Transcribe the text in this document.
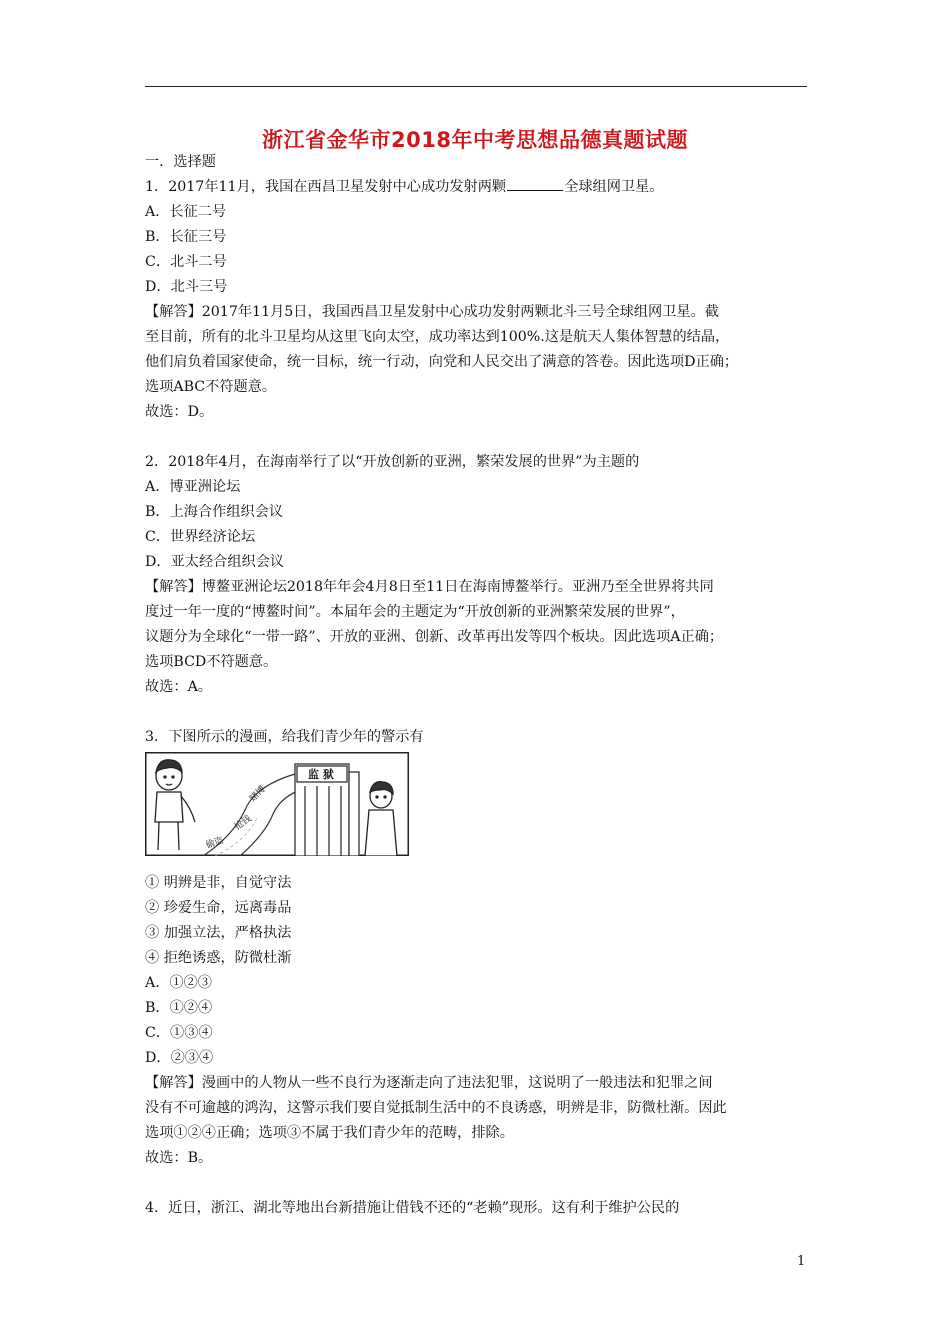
浙江省金华市2018年中考思想品德真题试题
一．选择题
1．2017年11月，我国在西昌卫星发射中心成功发射两颗	全球组网卫星。
A．长征二号
B．长征三号
C．北斗二号
D．北斗三号
【解答】2017年11月5日，我国西昌卫星发射中心成功发射两颗北斗三号全球组网卫星。截
至目前，所有的北斗卫星均从这里飞向太空，成功率达到100%.这是航天人集体智慧的结晶，
他们肩负着国家使命，统一目标，统一行动，向党和人民交出了满意的答卷。因此选项D正确；
选项ABC不符题意。
故选：D。
2．2018年4月，在海南举行了以“开放创新的亚洲，繁荣发展的世界”为主题的
A．博亚洲论坛
B．上海合作组织会议
C．世界经济论坛
D．亚太经合组织会议
【解答】博鳌亚洲论坛2018年年会4月8日至11日在海南博鳌举行。亚洲乃至全世界将共同
度过一年一度的“博鳌时间”。本届年会的主题定为“开放创新的亚洲繁荣发展的世界”，
议题分为全球化“一带一路”、开放的亚洲、创新、改革再出发等四个板块。因此选项A正确；
选项BCD不符题意。
故选：A。
3．下图所示的漫画，给我们青少年的警示有
偷盗
抢钱
赌博
监 狱
① 明辨是非，自觉守法
② 珍爱生命，远离毒品
③ 加强立法，严格执法
④ 拒绝诱惑，防微杜渐
A．①②③
B．①②④
C．①③④
D．②③④
【解答】漫画中的人物从一些不良行为逐渐走向了违法犯罪，这说明了一般违法和犯罪之间
没有不可逾越的鸿沟，这警示我们要自觉抵制生活中的不良诱惑，明辨是非，防微杜渐。因此
选项①②④正确；选项③不属于我们青少年的范畴，排除。
故选：B。
4．近日，浙江、湖北等地出台新措施让借钱不还的“老赖”现形。这有利于维护公民的
1
